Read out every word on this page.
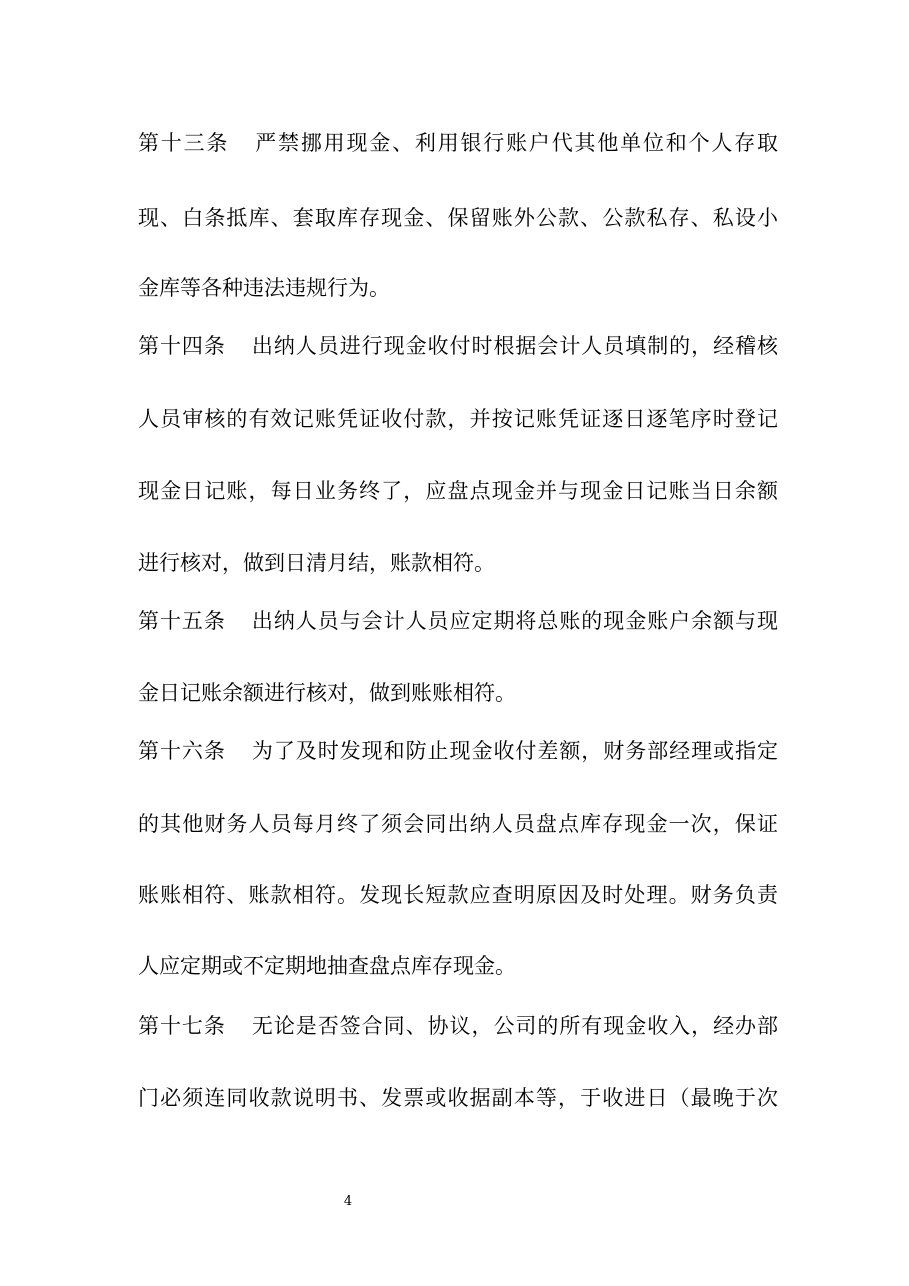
第十三条 严禁挪用现金、利用银行账户代其他单位和个人存取
现、白条抵库、套取库存现金、保留账外公款、公款私存、私设小
金库等各种违法违规行为。
第十四条 出纳人员进行现金收付时根据会计人员填制的，经稽核
人员审核的有效记账凭证收付款，并按记账凭证逐日逐笔序时登记
现金日记账，每日业务终了，应盘点现金并与现金日记账当日余额
进行核对，做到日清月结，账款相符。
第十五条 出纳人员与会计人员应定期将总账的现金账户余额与现
金日记账余额进行核对，做到账账相符。
第十六条 为了及时发现和防止现金收付差额，财务部经理或指定
的其他财务人员每月终了须会同出纳人员盘点库存现金一次，保证
账账相符、账款相符。发现长短款应查明原因及时处理。财务负责
人应定期或不定期地抽查盘点库存现金。
第十七条 无论是否签合同、协议，公司的所有现金收入，经办部
门必须连同收款说明书、发票或收据副本等，于收进日（最晚于次
4
